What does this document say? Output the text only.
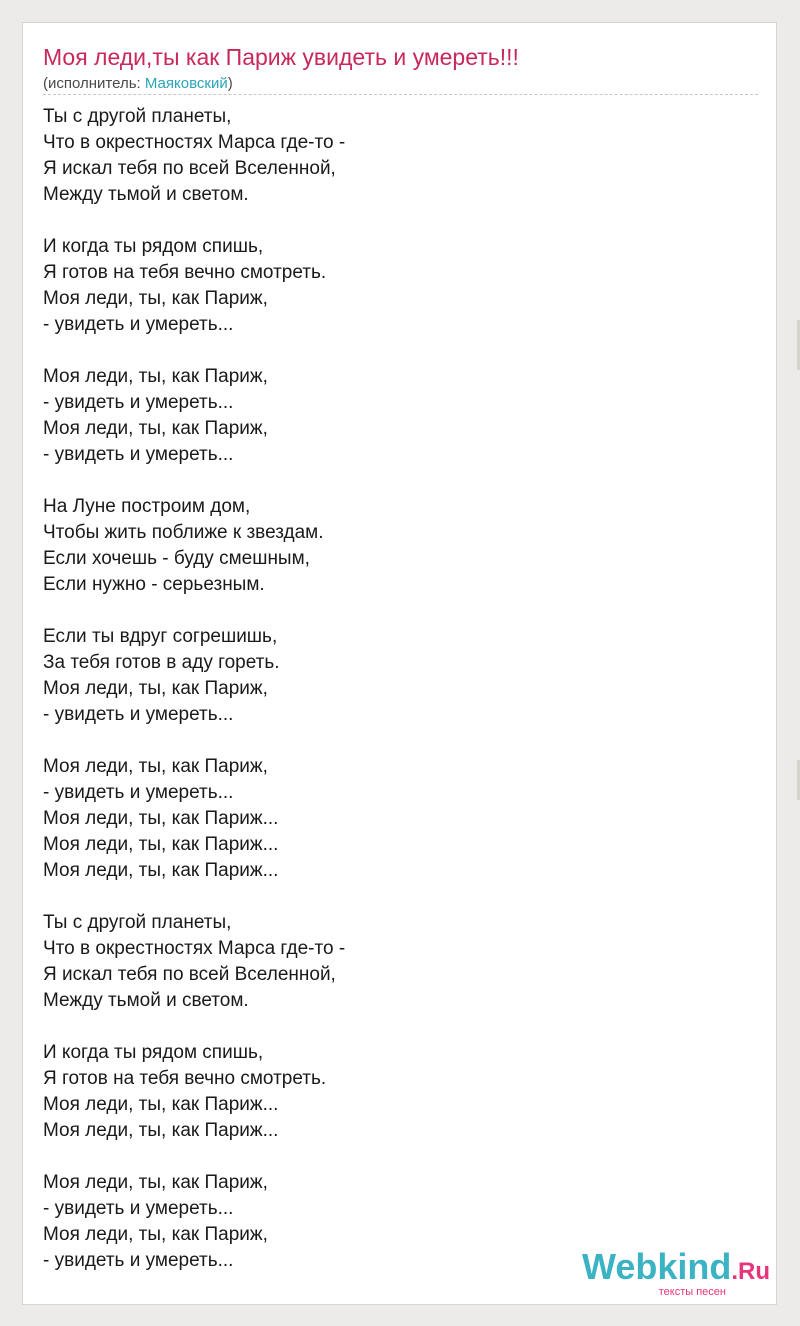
Моя леди,ты как Париж увидеть и умереть!!!
(исполнитель: Маяковский)
Ты с другой планеты,
Что в окрестностях Марса где-то -
Я искал тебя по всей Вселенной,
Между тьмой и светом.
И когда ты рядом спишь,
Я готов на тебя вечно смотреть.
Моя леди, ты, как Париж,
- увидеть и умереть...
Моя леди, ты, как Париж,
- увидеть и умереть...
Моя леди, ты, как Париж,
- увидеть и умереть...
На Луне построим дом,
Чтобы жить поближе к звездам.
Если хочешь - буду смешным,
Если нужно - серьезным.
Если ты вдруг согрешишь,
За тебя готов в аду гореть.
Моя леди, ты, как Париж,
- увидеть и умереть...
Моя леди, ты, как Париж,
- увидеть и умереть...
Моя леди, ты, как Париж...
Моя леди, ты, как Париж...
Моя леди, ты, как Париж...
Ты с другой планеты,
Что в окрестностях Марса где-то -
Я искал тебя по всей Вселенной,
Между тьмой и светом.
И когда ты рядом спишь,
Я готов на тебя вечно смотреть.
Моя леди, ты, как Париж...
Моя леди, ты, как Париж...
Моя леди, ты, как Париж,
- увидеть и умереть...
Моя леди, ты, как Париж,
- увидеть и умереть...	Webkind.Ru
тексты песен
